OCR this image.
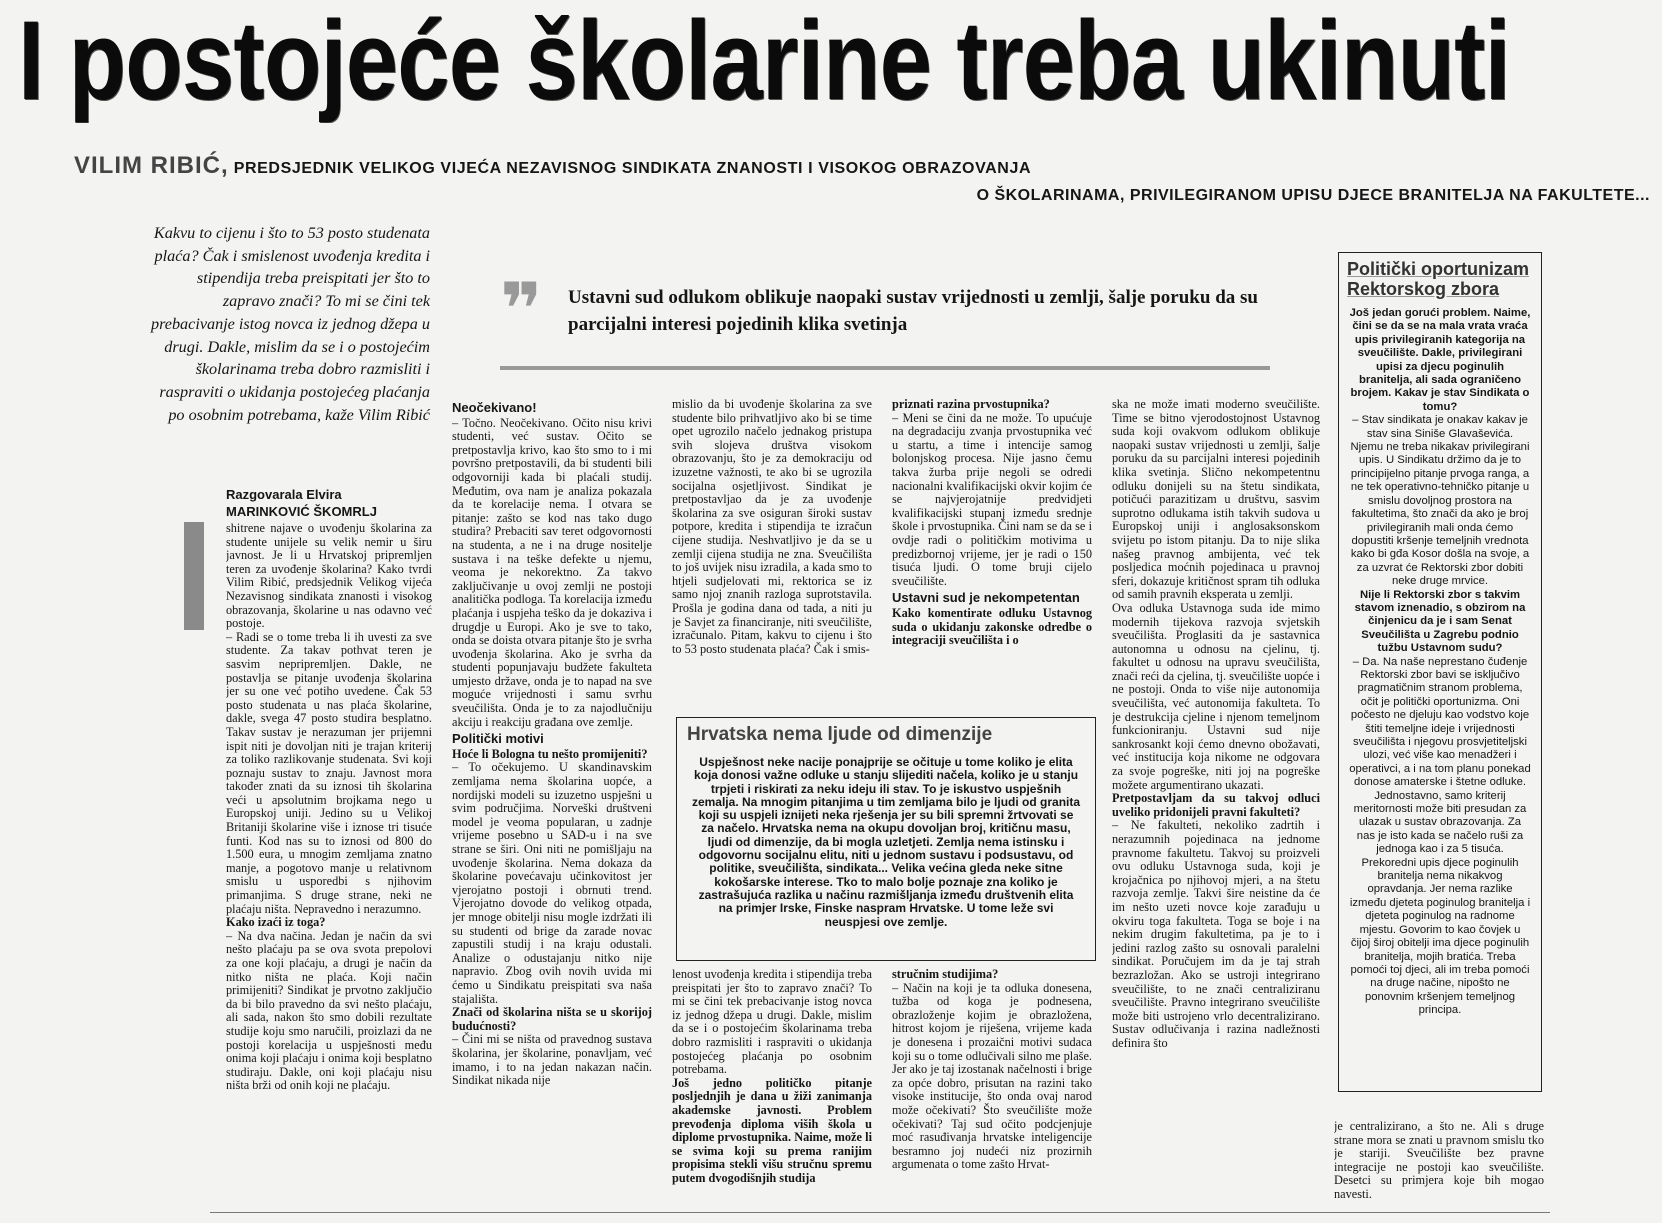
I postojeće školarine treba ukinuti
VILIM RIBIĆ, PREDSJEDNIK VELIKOG VIJEĆA NEZAVISNOG SINDIKATA ZNANOSTI I VISOKOG OBRAZOVANJA
O ŠKOLARINAMA, PRIVILEGIRANOM UPISU DJECE BRANITELJA NA FAKULTETE...
Kakvu to cijenu i što to 53 posto studenata plaća? Čak i smislenost uvođenja kredita i stipendija treba preispitati jer što to zapravo znači? To mi se čini tek prebacivanje istog novca iz jednog džepa u drugi. Dakle, mislim da se i o postojećim školarinama treba dobro razmisliti i raspraviti o ukidanja postojećeg plaćanja po osobnim potrebama, kaže Vilim Ribić
Razgovarala Elvira
MARINKOVIĆ ŠKOMRLJ
❞ Ustavni sud odlukom oblikuje naopaki sustav vrijednosti u zemlji, šalje poruku da su parcijalni interesi pojedinih klika svetinja

shitrene najave o uvođenju školarina za studente unijele su velik nemir u širu javnost. Je li u Hrvatskoj pripremljen teren za uvođenje školarina? Kako tvrdi Vilim Ribić, predsjednik Velikog vijeća Nezavisnog sindikata znanosti i visokog obrazovanja, školarine u nas odavno već postoje.

– Radi se o tome treba li ih uvesti za sve studente. Za takav pothvat teren je sasvim nepripremljen. Dakle, ne postavlja se pitanje uvođenja školarina jer su one već potiho uvedene. Čak 53 posto studenata u nas plaća školarine, dakle, svega 47 posto studira besplatno. Takav sustav je nerazuman jer prijemni ispit niti je dovoljan niti je trajan kriterij za toliko razlikovanje studenata. Svi koji poznaju sustav to znaju. Javnost mora također znati da su iznosi tih školarina veći u apsolutnim brojkama nego u Europskoj uniji. Jedino su u Velikoj Britaniji školarine više i iznose tri tisuće funti. Kod nas su to iznosi od 800 do 1.500 eura, u mnogim zemljama znatno manje, a pogotovo manje u relativnom smislu u usporedbi s njihovim primanjima. S druge strane, neki ne plaćaju ništa. Nepravedno i nerazumno.

Kako izaći iz toga?

– Na dva načina. Jedan je način da svi nešto plaćaju pa se ova svota prepolovi za one koji plaćaju, a drugi je način da nitko ništa ne plaća. Koji način primijeniti? Sindikat je prvotno zaključio da bi bilo pravedno da svi nešto plaćaju, ali sada, nakon što smo dobili rezultate studije koju smo naručili, proizlazi da ne postoji korelacija u uspješnosti među onima koji plaćaju i onima koji besplatno studiraju. Dakle, oni koji plaćaju nisu ništa brži od onih koji ne plaćaju.

Neočekivano!

– Točno. Neočekivano. Očito nisu krivi studenti, već sustav. Očito se pretpostavlja krivo, kao što smo to i mi površno pretpostavili, da bi studenti bili odgovorniji kada bi plaćali studij. Međutim, ova nam je analiza pokazala da te korelacije nema. I otvara se pitanje: zašto se kod nas tako dugo studira? Prebaciti sav teret odgovornosti na studenta, a ne i na druge nositelje sustava i na teške defekte u njemu, veoma je nekorektno. Za takvo zaključivanje u ovoj zemlji ne postoji analitička podloga. Ta korelacija između plaćanja i uspjeha teško da je dokaziva i drugdje u Europi. Ako je sve to tako, onda se doista otvara pitanje što je svrha uvođenja školarina. Ako je svrha da studenti popunjavaju budžete fakulteta umjesto države, onda je to napad na sve moguće vrijednosti i samu svrhu sveučilišta. Onda je to za najodlučniju akciju i reakciju građana ove zemlje.

Politički motivi

Hoće li Bologna tu nešto promijeniti?

– To očekujemo. U skandinavskim zemljama nema školarina uopće, a nordijski modeli su izuzetno uspješni u svim područjima. Norveški društveni model je veoma popularan, u zadnje vrijeme posebno u SAD-u i na sve strane se širi. Oni niti ne pomišljaju na uvođenje školarina. Nema dokaza da školarine povećavaju učinkovitost jer vjerojatno postoji i obrnuti trend. Vjerojatno dovode do velikog otpada, jer mnoge obitelji nisu mogle izdržati ili su studenti od brige da zarade novac zapustili studij i na kraju odustali. Analize o odustajanju nitko nije napravio. Zbog ovih novih uvida mi ćemo u Sindikatu preispitati sva naša stajališta.

Znači od školarina ništa se u skorijoj budućnosti?

– Čini mi se ništa od pravednog sustava školarina, jer školarine, ponavljam, već imamo, i to na jedan nakazan način. Sindikat nikada nije

mislio da bi uvođenje školarina za sve studente bilo prihvatljivo ako bi se time opet ugrozilo načelo jednakog pristupa svih slojeva društva visokom obrazovanju, što je za demokraciju od izuzetne važnosti, te ako bi se ugrozila socijalna osjetljivost. Sindikat je pretpostavljao da je za uvođenje školarina za sve osiguran široki sustav potpore, kredita i stipendija te izračun cijene studija. Neshvatljivo je da se u zemlji cijena studija ne zna. Sveučilišta to još uvijek nisu izradila, a kada smo to htjeli sudjelovati mi, rektorica se iz samo njoj znanih razloga suprotstavila. Prošla je godina dana od tada, a niti ju je Savjet za financiranje, niti sveučilište, izračunalo. Pitam, kakvu to cijenu i što to 53 posto studenata plaća? Čak i smis-

priznati razina prvostupnika?

– Meni se čini da ne može. To upućuje na degradaciju zvanja prvostupnika već u startu, a time i intencije samog bolonjskog procesa. Nije jasno čemu takva žurba prije negoli se odredi nacionalni kvalifikacijski okvir kojim će se najvjerojatnije predvidjeti kvalifikacijski stupanj između srednje škole i prvostupnika. Čini nam se da se i ovdje radi o političkim motivima u predizbornoj vrijeme, jer je radi o 150 tisuća ljudi. O tome bruji cijelo sveučilište.

Ustavni sud je nekompetentan

Kako komentirate odluku Ustavnog suda o ukidanju zakonske odredbe o integraciji sveučilišta i o

Hrvatska nema ljude od dimenzije
Uspješnost neke nacije ponajprije se očituje u tome koliko je elita koja donosi važne odluke u stanju slijediti načela, koliko je u stanju trpjeti i riskirati za neku ideju ili stav. To je iskustvo uspješnih zemalja. Na mnogim pitanjima u tim zemljama bilo je ljudi od granita koji su uspjeli iznijeti neka rješenja jer su bili spremni žrtvovati se za načelo. Hrvatska nema na okupu dovoljan broj, kritičnu masu, ljudi od dimenzije, da bi mogla uzletjeti. Zemlja nema istinsku i odgovornu socijalnu elitu, niti u jednom sustavu i podsustavu, od politike, sveučilišta, sindikata... Velika većina gleda neke sitne kokošarske interese. Tko to malo bolje poznaje zna koliko je zastrašujuća razlika u načinu razmišljanja između društvenih elita na primjer Irske, Finske naspram Hrvatske. U tome leže svi neuspjesi ove zemlje.

lenost uvođenja kredita i stipendija treba preispitati jer što to zapravo znači? To mi se čini tek prebacivanje istog novca iz jednog džepa u drugi. Dakle, mislim da se i o postojećim školarinama treba dobro razmisliti i raspraviti o ukidanja postojećeg plaćanja po osobnim potrebama.

Još jedno političko pitanje posljednjih je dana u žiži zanimanja akademske javnosti. Problem prevođenja diploma viših škola u diplome prvostupnika. Naime, može li se svima koji su prema ranijim propisima stekli višu stručnu spremu putem dvogodišnjih studija

stručnim studijima?

– Način na koji je ta odluka donesena, tužba od koga je podnesena, obrazloženje kojim je obrazložena, hitrost kojom je riješena, vrijeme kada je donesena i prozaični motivi sudaca koji su o tome odlučivali silno me plaše. Jer ako je taj izostanak načelnosti i brige za opće dobro, prisutan na razini tako visoke institucije, što onda ovaj narod može očekivati? Što sveučilište može očekivati? Taj sud očito podcjenjuje moć rasuđivanja hrvatske inteligencije besramno joj nudeći niz prozirnih argumenata o tome zašto Hrvat-

ska ne može imati moderno sveučilište. Time se bitno vjerodostojnost Ustavnog suda koji ovakvom odlukom oblikuje naopaki sustav vrijednosti u zemlji, šalje poruku da su parcijalni interesi pojedinih klika svetinja. Slično nekompetentnu odluku donijeli su na štetu sindikata, potičući parazitizam u društvu, sasvim suprotno odlukama istih takvih sudova u Europskoj uniji i anglosaksonskom svijetu po istom pitanju. Da to nije slika našeg pravnog ambijenta, već tek posljedica moćnih pojedinaca u pravnoj sferi, dokazuje kritičnost spram tih odluka od samih pravnih eksperata u zemlji.

Ova odluka Ustavnoga suda ide mimo modernih tijekova razvoja svjetskih sveučilišta. Proglasiti da je sastavnica autonomna u odnosu na cjelinu, tj. fakultet u odnosu na upravu sveučilišta, znači reći da cjelina, tj. sveučilište uopće i ne postoji. Onda to više nije autonomija sveučilišta, već autonomija fakulteta. To je destrukcija cjeline i njenom temeljnom funkcioniranju. Ustavni sud nije sankrosankt koji ćemo dnevno obožavati, već institucija koja nikome ne odgovara za svoje pogreške, niti joj na pogreške možete argumentirano ukazati.

Pretpostavljam da su takvoj odluci uveliko pridonijeli pravni fakulteti?

– Ne fakulteti, nekoliko zadrtih i nerazumnih pojedinaca na jednome pravnome fakultetu. Takvoj su proizveli ovu odluku Ustavnoga suda, koji je krojačnica po njihovoj mjeri, a na štetu razvoja zemlje. Takvi šire neistine da će im nešto uzeti novce koje zarađuju u okviru toga fakulteta. Toga se boje i na nekim drugim fakultetima, pa je to i jedini razlog zašto su osnovali paralelni sindikat. Poručujem im da je taj strah bezrazložan. Ako se ustroji integrirano sveučilište, to ne znači centraliziranu sveučilište. Pravno integrirano sveučilište može biti ustrojeno vrlo decentralizirano. Sustav odlučivanja i razina nadležnosti definira što

Politički oportunizam Rektorskog zbora
Još jedan gorući problem. Naime, čini se da se na mala vrata vraća upis privilegiranih kategorija na sveučilište. Dakle, privilegirani upisi za djecu poginulih branitelja, ali sada ograničeno brojem. Kakav je stav Sindikata o tomu?
– Stav sindikata je onakav kakav je stav sina Siniše Glavaševića. Njemu ne treba nikakav privilegirani upis. U Sindikatu držimo da je to principijelno pitanje prvoga ranga, a ne tek operativno-tehničko pitanje u smislu dovoljnog prostora na fakultetima, što znači da ako je broj privilegiranih mali onda ćemo dopustiti kršenje temeljnih vrednota kako bi gđa Kosor došla na svoje, a za uzvrat će Rektorski zbor dobiti neke druge mrvice.
Nije li Rektorski zbor s takvim stavom iznenadio, s obzirom na činjenicu da je i sam Senat Sveučilišta u Zagrebu podnio tužbu Ustavnom sudu?
– Da. Na naše neprestano čuđenje Rektorski zbor bavi se isključivo pragmatičnim stranom problema, očit je politički oportunizma. Oni počesto ne djeluju kao vodstvo koje štiti temeljne ideje i vrijednosti sveučilišta i njegovu prosvjetiteljski ulozi, već više kao menadžeri i operativci, a i na tom planu ponekad donose amaterske i štetne odluke. Jednostavno, samo kriterij meritornosti može biti presudan za ulazak u sustav obrazovanja. Za nas je isto kada se načelo ruši za jednoga kao i za 5 tisuća. Prekoredni upis djece poginulih branitelja nema nikakvog opravdanja. Jer nema razlike između djeteta poginulog branitelja i djeteta poginulog na radnome mjestu. Govorim to kao čovjek u čijoj široj obitelji ima djece poginulih branitelja, mojih bratića. Treba pomoći toj djeci, ali im treba pomoći na druge načine, nipošto ne ponovnim kršenjem temeljnog principa.

je centralizirano, a što ne. Ali s druge strane mora se znati u pravnom smislu tko je stariji. Sveučilište bez pravne integracije ne postoji kao sveučilište. Desetci su primjera koje bih mogao navesti.
